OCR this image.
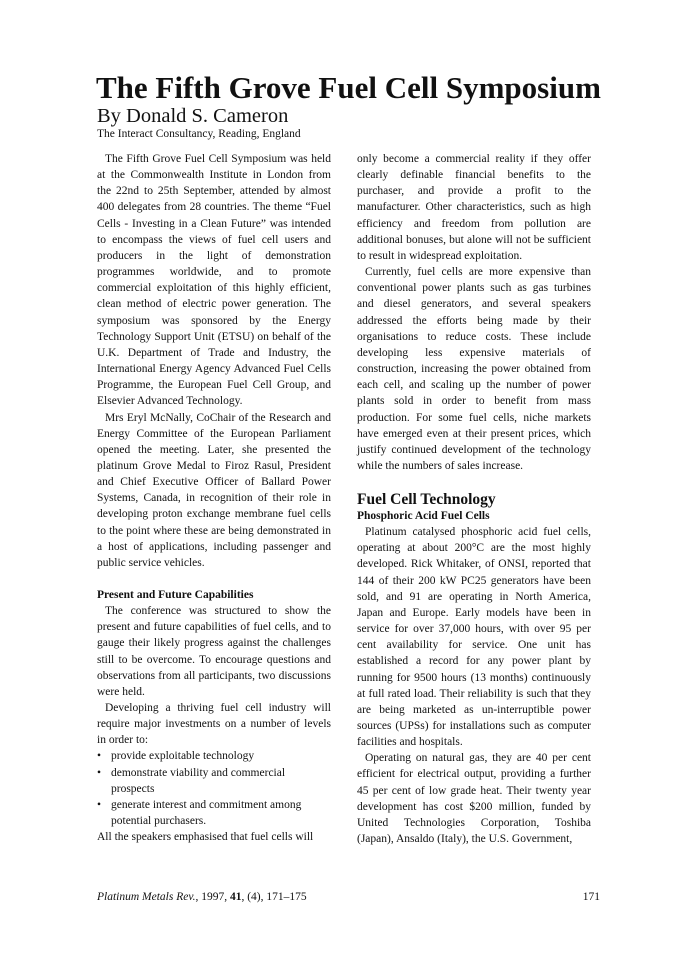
The Fifth Grove Fuel Cell Symposium
By Donald S. Cameron
The Interact Consultancy, Reading, England

The Fifth Grove Fuel Cell Symposium was held at the Commonwealth Institute in London from the 22nd to 25th September, attended by almost 400 delegates from 28 countries. The theme “Fuel Cells - Investing in a Clean Future” was intended to encompass the views of fuel cell users and producers in the light of demonstration programmes worldwide, and to promote commercial exploitation of this highly efficient, clean method of electric power generation. The symposium was sponsored by the Energy Technology Support Unit (ETSU) on behalf of the U.K. Department of Trade and Industry, the International Energy Agency Advanced Fuel Cells Programme, the European Fuel Cell Group, and Elsevier Advanced Technology.

Mrs Eryl McNally, CoChair of the Research and Energy Committee of the European Parliament opened the meeting. Later, she presented the platinum Grove Medal to Firoz Rasul, President and Chief Executive Officer of Ballard Power Systems, Canada, in recognition of their role in developing proton exchange membrane fuel cells to the point where these are being demonstrated in a host of applications, including passenger and public service vehicles.

Present and Future Capabilities

The conference was structured to show the present and future capabilities of fuel cells, and to gauge their likely progress against the challenges still to be overcome. To encourage questions and observations from all participants, two discussions were held.

Developing a thriving fuel cell industry will require major investments on a number of levels in order to:

• provide exploitable technology
• demonstrate viability and commercial prospects
• generate interest and commitment among potential purchasers.

All the speakers emphasised that fuel cells will

only become a commercial reality if they offer clearly definable financial benefits to the purchaser, and provide a profit to the manufacturer. Other characteristics, such as high efficiency and freedom from pollution are additional bonuses, but alone will not be sufficient to result in widespread exploitation.

Currently, fuel cells are more expensive than conventional power plants such as gas turbines and diesel generators, and several speakers addressed the efforts being made by their organisations to reduce costs. These include developing less expensive materials of construction, increasing the power obtained from each cell, and scaling up the number of power plants sold in order to benefit from mass production. For some fuel cells, niche markets have emerged even at their present prices, which justify continued development of the technology while the numbers of sales increase.

Fuel Cell Technology
Phosphoric Acid Fuel Cells

Platinum catalysed phosphoric acid fuel cells, operating at about 200°C are the most highly developed. Rick Whitaker, of ONSI, reported that 144 of their 200 kW PC25 generators have been sold, and 91 are operating in North America, Japan and Europe. Early models have been in service for over 37,000 hours, with over 95 per cent availability for service. One unit has established a record for any power plant by running for 9500 hours (13 months) continuously at full rated load. Their reliability is such that they are being marketed as un-interruptible power sources (UPSs) for installations such as computer facilities and hospitals.

Operating on natural gas, they are 40 per cent efficient for electrical output, providing a further 45 per cent of low grade heat. Their twenty year development has cost $200 million, funded by United Technologies Corporation, Toshiba (Japan), Ansaldo (Italy), the U.S. Government,

Platinum Metals Rev., 1997, 41, (4), 171–175	171
